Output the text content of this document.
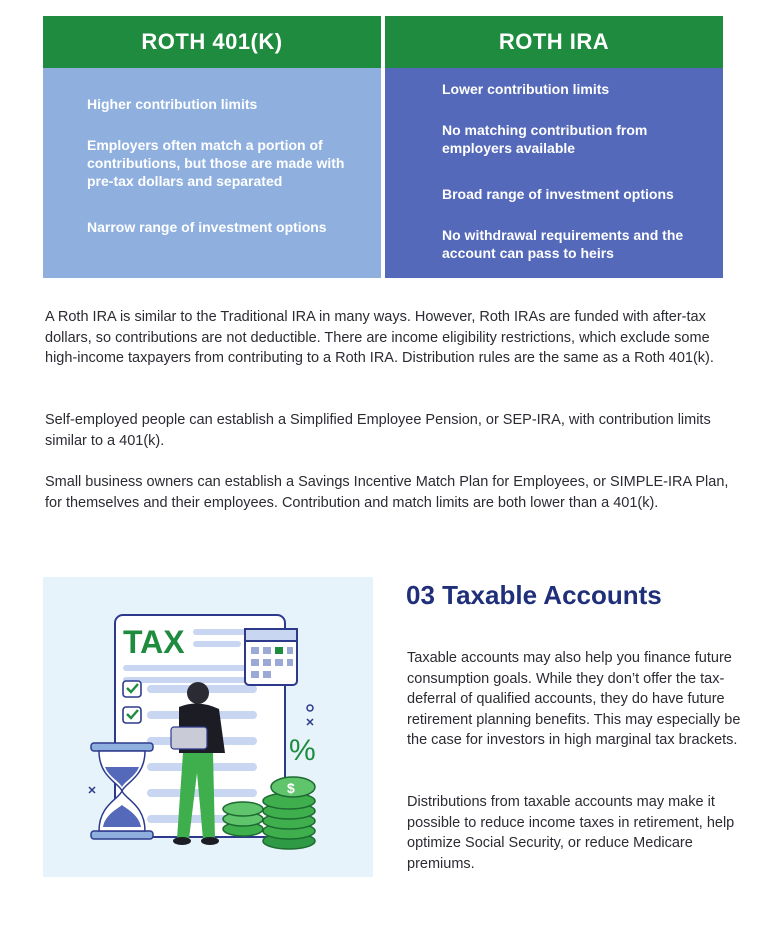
ROTH 401(K)
Higher contribution limits
Employers often match a portion of contributions, but those are made with pre-tax dollars and separated
Narrow range of investment options
ROTH IRA
Lower contribution limits
No matching contribution from employers available
Broad range of investment options
No withdrawal requirements and the account can pass to heirs

A Roth IRA is similar to the Traditional IRA in many ways. However, Roth IRAs are funded with after-tax dollars, so contributions are not deductible. There are income eligibility restrictions, which exclude some high-income taxpayers from contributing to a Roth IRA. Distribution rules are the same as a Roth 401(k).

Self-employed people can establish a Simplified Employee Pension, or SEP-IRA, with contribution limits similar to a 401(k).

Small business owners can establish a Savings Incentive Match Plan for Employees, or SIMPLE-IRA Plan, for themselves and their employees. Contribution and match limits are both lower than a 401(k).

TAX
%
$
03 Taxable Accounts

Taxable accounts may also help you finance future consumption goals. While they don’t offer the tax-deferral of qualified accounts, they do have future retirement planning benefits. This may especially be the case for investors in high marginal tax brackets.

Distributions from taxable accounts may make it possible to reduce income taxes in retirement, help optimize Social Security, or reduce Medicare premiums.
